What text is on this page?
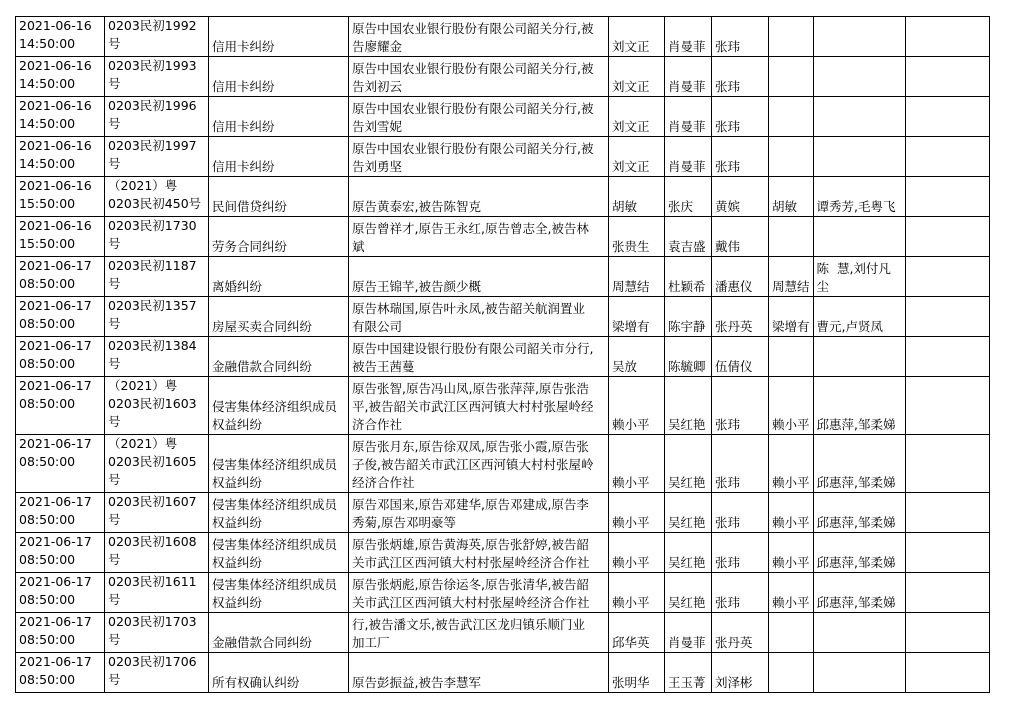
2021-06-16
14:50:00	0203民初1992
号	信用卡纠纷	原告中国农业银行股份有限公司韶关分行,被
告廖耀金	刘文正	肖曼菲	张玮			
2021-06-16
14:50:00	0203民初1993
号	信用卡纠纷	原告中国农业银行股份有限公司韶关分行,被
告刘初云	刘文正	肖曼菲	张玮			
2021-06-16
14:50:00	0203民初1996
号	信用卡纠纷	原告中国农业银行股份有限公司韶关分行,被
告刘雪妮	刘文正	肖曼菲	张玮			
2021-06-16
14:50:00	0203民初1997
号	信用卡纠纷	原告中国农业银行股份有限公司韶关分行,被
告刘勇坚	刘文正	肖曼菲	张玮			
2021-06-16
15:50:00	（2021）粤
0203民初450号	民间借贷纠纷	原告黄泰宏,被告陈智克	胡敏	张庆	黄嫔	胡敏	谭秀芳,毛粤飞	
2021-06-16
15:50:00	0203民初1730
号	劳务合同纠纷	原告曾祥才,原告王永红,原告曾志全,被告林
斌	张贵生	袁吉盛	戴伟			
2021-06-17
08:50:00	0203民初1187
号	离婚纠纷	原告王锦芊,被告颜少概	周慧结	杜颖希	潘惠仪	周慧结	陈  慧,刘付凡
尘	
2021-06-17
08:50:00	0203民初1357
号	房屋买卖合同纠纷	原告林瑞国,原告叶永凤,被告韶关航润置业
有限公司	梁增有	陈宇静	张丹英	梁增有	曹元,卢贤凤	
2021-06-17
08:50:00	0203民初1384
号	金融借款合同纠纷	原告中国建设银行股份有限公司韶关市分行,
被告王茜蔓	吴放	陈毓卿	伍倩仪			
2021-06-17
08:50:00	（2021）粤
0203民初1603
号	侵害集体经济组织成员
权益纠纷	原告张智,原告冯山凤,原告张萍萍,原告张浩
平,被告韶关市武江区西河镇大村村张屋岭经
济合作社	赖小平	吴红艳	张玮	赖小平	邱惠萍,邹柔娣	
2021-06-17
08:50:00	（2021）粤
0203民初1605
号	侵害集体经济组织成员
权益纠纷	原告张月东,原告徐双凤,原告张小霞,原告张
子俊,被告韶关市武江区西河镇大村村张屋岭
经济合作社	赖小平	吴红艳	张玮	赖小平	邱惠萍,邹柔娣	
2021-06-17
08:50:00	0203民初1607
号	侵害集体经济组织成员
权益纠纷	原告邓国来,原告邓建华,原告邓建成,原告李
秀菊,原告邓明豪等	赖小平	吴红艳	张玮	赖小平	邱惠萍,邹柔娣	
2021-06-17
08:50:00	0203民初1608
号	侵害集体经济组织成员
权益纠纷	原告张炳雄,原告黄海英,原告张舒婷,被告韶
关市武江区西河镇大村村张屋岭经济合作社	赖小平	吴红艳	张玮	赖小平	邱惠萍,邹柔娣	
2021-06-17
08:50:00	0203民初1611
号	侵害集体经济组织成员
权益纠纷	原告张炳彪,原告徐运冬,原告张清华,被告韶
关市武江区西河镇大村村张屋岭经济合作社	赖小平	吴红艳	张玮	赖小平	邱惠萍,邹柔娣	
2021-06-17
08:50:00	0203民初1703
号	金融借款合同纠纷	行,被告潘文乐,被告武江区龙归镇乐顺门业
加工厂	邱华英	肖曼菲	张丹英			
2021-06-17
08:50:00	0203民初1706
号	所有权确认纠纷	原告彭振益,被告李慧军	张明华	王玉菁	刘泽彬			
